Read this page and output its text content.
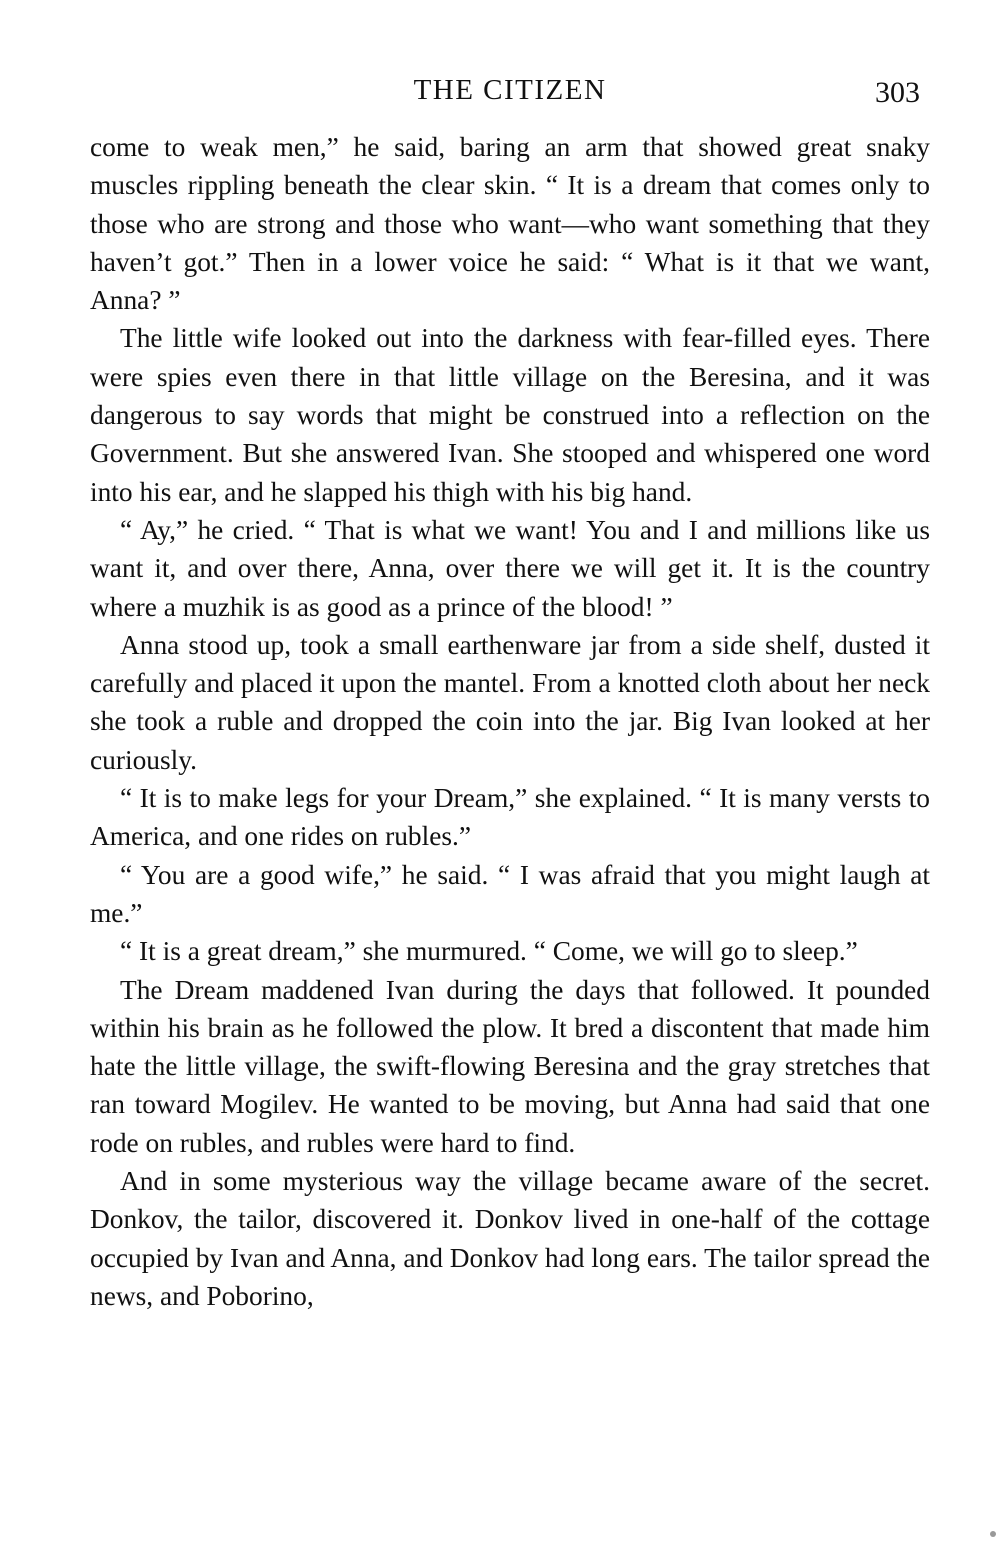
THE CITIZEN	303

come to weak men,” he said, baring an arm that showed great snaky muscles rippling beneath the clear skin. “ It is a dream that comes only to those who are strong and those who want—who want something that they haven’t got.” Then in a lower voice he said: “ What is it that we want, Anna? ”

The little wife looked out into the darkness with fear-filled eyes. There were spies even there in that little village on the Beresina, and it was dangerous to say words that might be construed into a reflection on the Government. But she answered Ivan. She stooped and whispered one word into his ear, and he slapped his thigh with his big hand.

“ Ay,” he cried. “ That is what we want! You and I and millions like us want it, and over there, Anna, over there we will get it. It is the country where a muzhik is as good as a prince of the blood! ”

Anna stood up, took a small earthenware jar from a side shelf, dusted it carefully and placed it upon the mantel. From a knotted cloth about her neck she took a ruble and dropped the coin into the jar. Big Ivan looked at her curiously.

“ It is to make legs for your Dream,” she explained. “ It is many versts to America, and one rides on rubles.”

“ You are a good wife,” he said. “ I was afraid that you might laugh at me.”

“ It is a great dream,” she murmured. “ Come, we will go to sleep.”

The Dream maddened Ivan during the days that followed. It pounded within his brain as he followed the plow. It bred a discontent that made him hate the little village, the swift-flowing Beresina and the gray stretches that ran toward Mogilev. He wanted to be moving, but Anna had said that one rode on rubles, and rubles were hard to find.

And in some mysterious way the village became aware of the secret. Donkov, the tailor, discovered it. Donkov lived in one-half of the cottage occupied by Ivan and Anna, and Donkov had long ears. The tailor spread the news, and Poborino,
